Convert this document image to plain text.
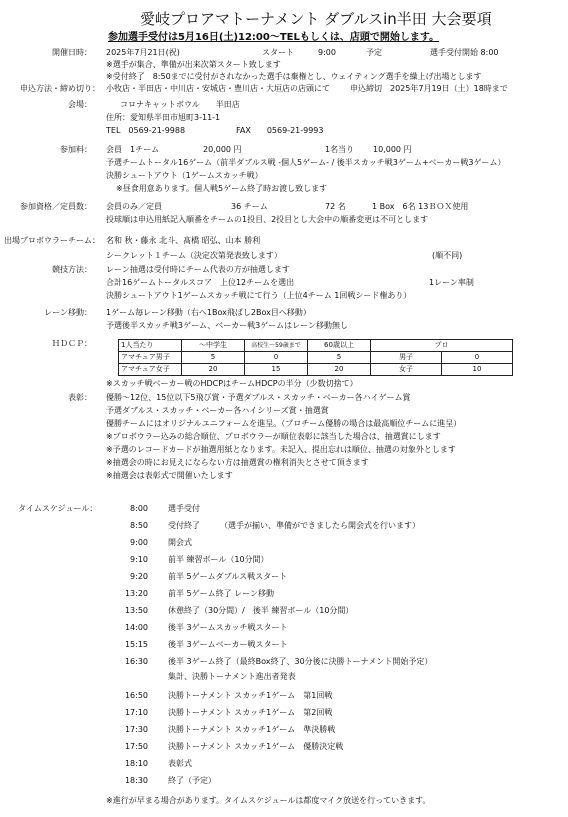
愛岐プロアマトーナメント ダブルスin半田 大会要項
参加選手受付は5月16日(土)12:00～TELもしくは、店頭で開始します。
開催日時： 2025年7月21日(祝)	スタート	9:00	予定	選手受付開始 8:00
※選手が集合、準備が出来次第スタート致します
※受付終了　8:50までに受付がされなかった選手は棄権とし、ウェイティング選手を繰上げ出場とします
申込方法・締め切り： 小牧店・半田店・中川店・安城店・豊川店・大垣店の店頭にて	申込締切　2025年7月19日（土）18時まで
会場：	コロナキャットボウル　　半田店
住所：愛知県半田市旭町3-11-1
TEL　0569-21-9988	FAX　　0569-21-9993
参加料： 会員　1チーム	20,000 円	1名当り 10,000 円
予選チームトータル16ゲーム（前半ダブルス戦 -個人5ゲーム- / 後半スカッチ戦3ゲーム+ベーカー戦3ゲーム）
決勝シュートアウト（1ゲームスカッチ戦）
※昼食用意あります。個人戦5ゲーム終了時お渡し致します
参加資格／定員数： 会員のみ／定員	36 チーム	72 名	1 Box　6名 13ＢＯＸ使用
投球順は申込用紙記入順番をチームの1投目、2投目とし大会中の順番変更は不可とします
出場プロボウラーチーム： 名和 秋・藤永 北斗、髙橋 昭弘、山本 勝利
シークレット１チーム（決定次第発表致します）	(順不同)
競技方法： レーン抽選は受付時にチーム代表の方が抽選します
合計16ゲームトータルスコア　上位12チームを選出	1レーン率制
決勝シュートアウト1ゲームスカッチ戦にて行う（上位4チーム 1回戦シード権あり）
レーン移動： 1ゲーム毎レーン移動（右へ1Box飛ばし2Box目へ移動）
予選後半スカッチ戦3ゲーム、ベーカー戦3ゲームはレーン移動無し
ＨＤＣＰ：	1人当たり	～中学生	高校生～59歳まで	60歳以上	プロ	
アマチュア男子	5	0	5	男子	0
アマチュア女子	20	15	20	女子	10
※スカッチ戦ベーカー戦のHDCPはチームHDCPの半分（少数切捨て）
表彰： 優勝～12位、15位以下5飛び賞・予選ダブルス・スカッチ・ベーカー各ハイゲーム賞
予選ダブルス・スカッチ・ベーカー各ハイシリーズ賞・抽選賞
優勝チームにはオリジナルユニフォームを進呈。（プロチーム優勝の場合は最高順位チームに進呈）
※プロボウラー込みの総合順位、プロボウラーが順位表彰に該当した場合は、抽選賞にします
※予選のレコードカードが抽選用紙となります。未記入、提出忘れは順位、抽選の対象外とします
※抽選会の時にお見えにならない方は抽選賞の権利消失とさせて頂きます
※抽選会は表彰式で開催いたします
タイムスケジュール：	8:00	選手受付
8:50	受付終了　　　（選手が揃い、準備ができましたら開会式を行います）
9:00	開会式
9:10	前半 練習ボール（10分間）
9:20	前半 5ゲームダブルス戦スタート
13:20	前半 5ゲーム終了 レーン移動
13:50	休憩終了（30分間）/　後半 練習ボール（10分間）
14:00	後半 3ゲームスカッチ戦スタート
15:15	後半 3ゲームベーカー戦スタート
16:30	後半 3ゲーム終了（最終Box終了、30分後に決勝トーナメント開始予定）
集計、決勝トーナメント進出者発表
16:50	決勝トーナメント スカッチ1ゲーム　第1回戦
17:10	決勝トーナメント スカッチ1ゲーム　第2回戦
17:30	決勝トーナメント スカッチ1ゲーム　準決勝戦
17:50	決勝トーナメント スカッチ1ゲーム　優勝決定戦
18:10	表彰式
18:30	終了（予定）
※進行が早まる場合があります。タイムスケジュールは都度マイク放送を行っていきます。
